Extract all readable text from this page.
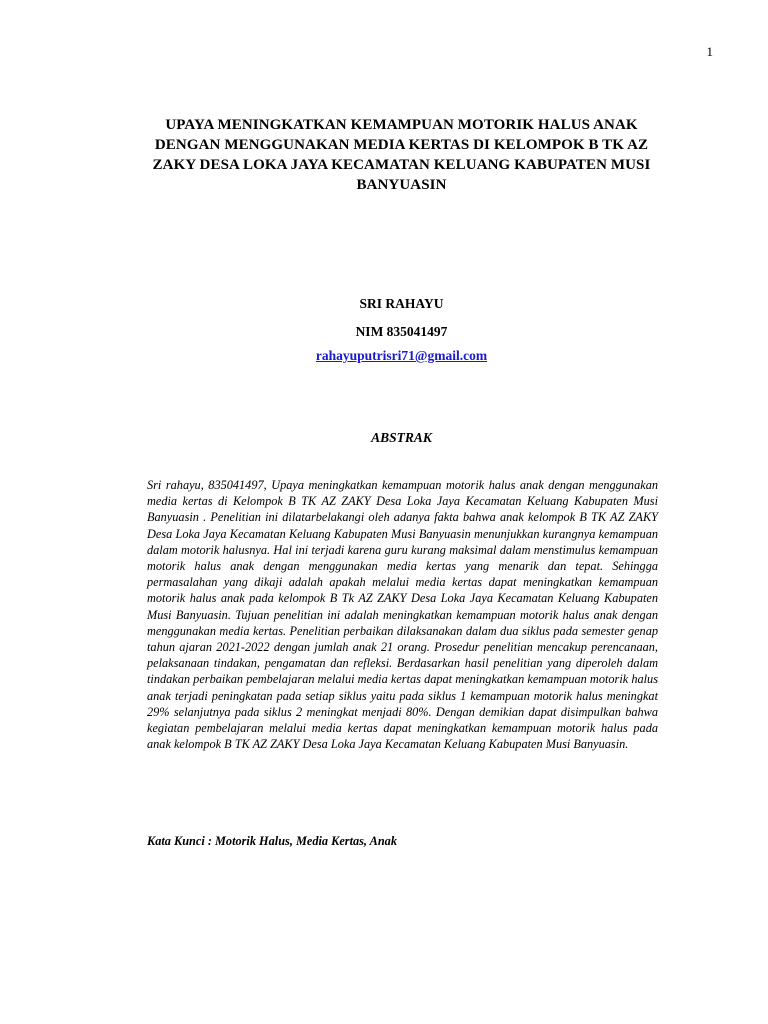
1
UPAYA MENINGKATKAN KEMAMPUAN MOTORIK HALUS ANAK DENGAN MENGGUNAKAN MEDIA KERTAS DI KELOMPOK B TK AZ ZAKY DESA LOKA JAYA KECAMATAN KELUANG KABUPATEN MUSI BANYUASIN
SRI RAHAYU
NIM 835041497
rahayuputrisri71@gmail.com
ABSTRAK
Sri rahayu, 835041497, Upaya meningkatkan kemampuan motorik halus anak dengan menggunakan media kertas di Kelompok B TK AZ ZAKY Desa Loka Jaya Kecamatan Keluang Kabupaten Musi Banyuasin . Penelitian ini dilatarbelakangi oleh adanya fakta bahwa anak kelompok B TK AZ ZAKY Desa Loka Jaya Kecamatan Keluang Kabupaten Musi Banyuasin menunjukkan kurangnya kemampuan dalam motorik halusnya. Hal ini terjadi karena guru kurang maksimal dalam menstimulus kemampuan motorik halus anak dengan menggunakan media kertas yang menarik dan tepat. Sehingga permasalahan yang dikaji adalah apakah melalui media kertas dapat meningkatkan kemampuan motorik halus anak pada kelompok B Tk AZ ZAKY Desa Loka Jaya Kecamatan Keluang Kabupaten Musi Banyuasin. Tujuan penelitian ini adalah meningkatkan kemampuan motorik halus anak dengan menggunakan media kertas. Penelitian perbaikan dilaksanakan dalam dua siklus pada semester genap tahun ajaran 2021-2022 dengan jumlah anak 21 orang. Prosedur penelitian mencakup perencanaan, pelaksanaan tindakan, pengamatan dan refleksi. Berdasarkan hasil penelitian yang diperoleh dalam tindakan perbaikan pembelajaran melalui media kertas dapat meningkatkan kemampuan motorik halus anak terjadi peningkatan pada setiap siklus yaitu pada siklus 1 kemampuan motorik halus meningkat 29% selanjutnya pada siklus 2 meningkat menjadi 80%. Dengan demikian dapat disimpulkan bahwa kegiatan pembelajaran melalui media kertas dapat meningkatkan kemampuan motorik halus pada anak kelompok B TK AZ ZAKY Desa Loka Jaya Kecamatan Keluang Kabupaten Musi Banyuasin.
Kata Kunci : Motorik Halus, Media Kertas, Anak
